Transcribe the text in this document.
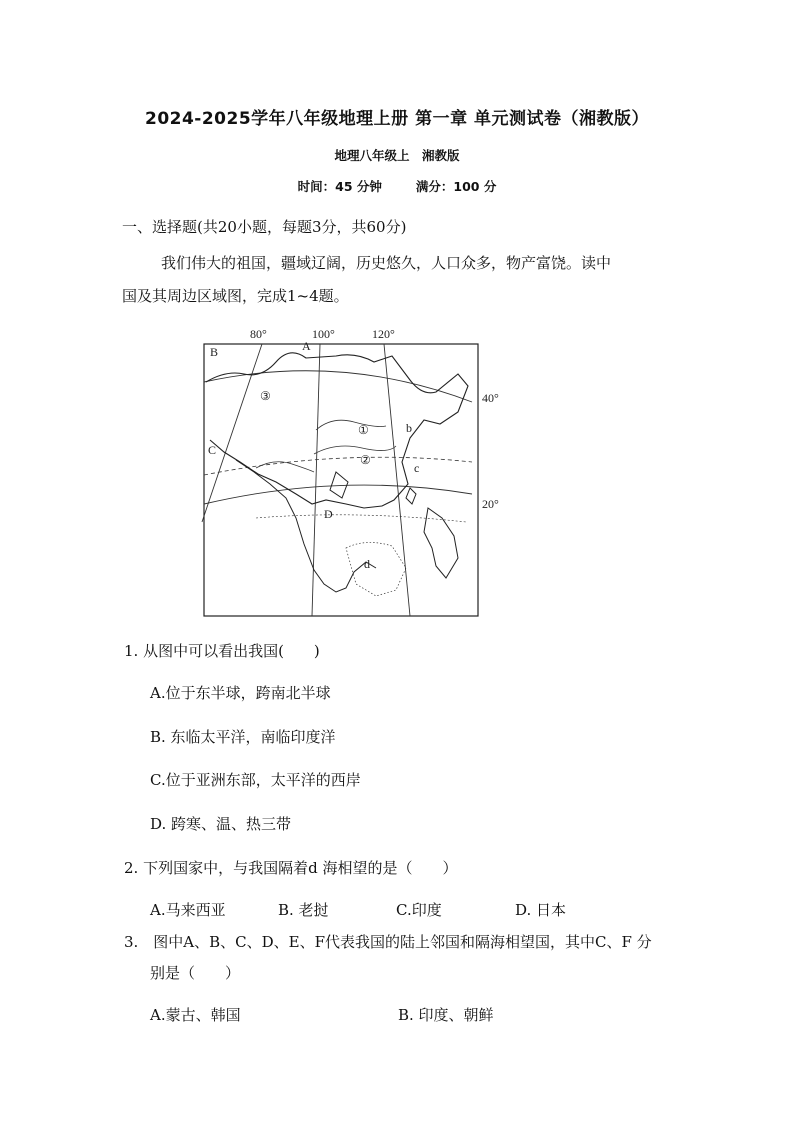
2024-2025学年八年级地理上册 第一章 单元测试卷（湘教版）
地理八年级上　湘教版
时间：45 分钟	满分：100 分
一、选择题(共20小题，每题3分，共60分)
我们伟大的祖国，疆域辽阔，历史悠久，人口众多，物产富饶。读中
国及其周边区域图，完成1~4题。
80°	100°	120°
40°
20°
B
C
A
b
c
d
D
③
①
②
1. 从图中可以看出我国(　　)
A.位于东半球，跨南北半球
B. 东临太平洋，南临印度洋
C.位于亚洲东部，太平洋的西岸
D. 跨寒、温、热三带
2. 下列国家中，与我国隔着d 海相望的是（　　）
A.马来西亚	B. 老挝	C.印度	D. 日本
3.　图中A、B、C、D、E、F代表我国的陆上邻国和隔海相望国，其中C、F 分
别是（　　）
A.蒙古、韩国	B. 印度、朝鲜
